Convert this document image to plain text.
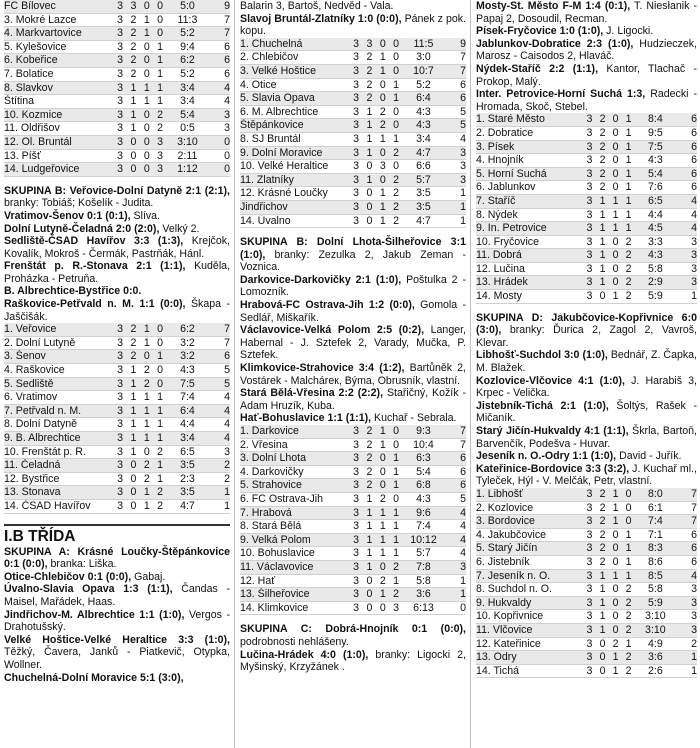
FC Bílovec	3	3	0	0	5:0	9
3. Mokré Lazce	3	2	1	0	11:3	7
4. Markvartovice	3	2	1	0	5:2	7
5. Kylešovice	3	2	0	1	9:4	6
6. Kobeřice	3	2	0	1	6:2	6
7. Bolatice	3	2	0	1	5:2	6
8. Slavkov	3	1	1	1	3:4	4
Štítina	3	1	1	1	3:4	4
10. Kozmice	3	1	0	2	5:4	3
11. Oldřišov	3	1	0	2	0:5	3
12. Ol. Bruntál	3	0	0	3	3:10	0
13. Píšť	3	0	0	3	2:11	0
14. Ludgeřovice	3	0	0	3	1:12	0

SKUPINA B: Veřovice-Dolní Datyně 2:1 (2:1), branky: Tobiáš; Košelík - Judita.

Vratimov-Šenov 0:1 (0:1), Slíva.

Dolní Lutyně-Čeladná 2:0 (2:0), Velký 2.

Sedliště-ČSAD Havířov 3:3 (1:3), Krejčok, Kovalík, Mokroš - Čermák, Pastrňák, Hánl.

Frenštát p. R.-Stonava 2:1 (1:1), Kuděla, Proházka - Petruňa.

B. Albrechtice-Bystřice 0:0.

Raškovice-Petřvald n. M. 1:1 (0:0), Škapa - Jaščišák.

1. Veřovice	3	2	1	0	6:2	7
2. Dolní Lutyně	3	2	1	0	3:2	7
3. Šenov	3	2	0	1	3:2	6
4. Raškovice	3	1	2	0	4:3	5
5. Sedliště	3	1	2	0	7:5	5
6. Vratimov	3	1	1	1	7:4	4
7. Petřvald n. M.	3	1	1	1	6:4	4
8. Dolní Datyně	3	1	1	1	4:4	4
9. B. Albrechtice	3	1	1	1	3:4	4
10. Frenštát p. R.	3	1	0	2	6:5	3
11. Čeladná	3	0	2	1	3:5	2
12. Bystřice	3	0	2	1	2:3	2
13. Stonava	3	0	1	2	3:5	1
14. ČSAD Havířov	3	0	1	2	4:7	1
I.B TŘÍDA

SKUPINA A: Krásné Loučky-Štěpánkovice 0:1 (0:0), branka: Liška.

Otice-Chlebičov 0:1 (0:0), Gabaj.

Úvalno-Slavia Opava 1:3 (1:1), Čandas - Maisel, Mařádek, Haas.

Jindřichov-M. Albrechtice 1:1 (1:0), Vergos - Drahotušský.

Velké Hoštice-Velké Heraltice 3:3 (1:0), Těžký, Čavera, Janků - Piatkevič, Otypka, Wollner.

Chuchelná-Dolní Moravice 5:1 (3:0),

Balarin 3, Bartoš, Nedvěd - Vala.

Slavoj Bruntál-Zlatníky 1:0 (0:0), Pánek z pok. kopu.

1. Chuchelná	3	3	0	0	11:5	9
2. Chlebičov	3	2	1	0	3:0	7
3. Velké Hoštice	3	2	1	0	10:7	7
4. Otice	3	2	0	1	5:2	6
5. Slavia Opava	3	2	0	1	6:4	6
6. M. Albrechtice	3	1	2	0	4:3	5
Štěpánkovice	3	1	2	0	4:3	5
8. SJ Bruntál	3	1	1	1	3:4	4
9. Dolní Moravice	3	1	0	2	4:7	3
10. Velké Heraltice	3	0	3	0	6:6	3
11. Zlatníky	3	1	0	2	5:7	3
12. Krásné Loučky	3	0	1	2	3:5	1
Jindřichov	3	0	1	2	3:5	1
14. Úvalno	3	0	1	2	4:7	1

SKUPINA B: Dolní Lhota-Šilheřovice 3:1 (1:0), branky: Zezulka 2, Jakub Zeman - Voznica.

Darkovice-Darkovičky 2:1 (1:0), Poštulka 2 - Lomozník.

Hrabová-FC Ostrava-Jih 1:2 (0:0), Gomola - Sedlář, Miškařík.

Václavovice-Velká Polom 2:5 (0:2), Langer, Habernal - J. Sztefek 2, Varady, Mučka, P. Sztefek.

Klimkovice-Strahovice 3:4 (1:2), Bartůněk 2, Vostárek - Malcháreк, Býma, Obrusník, vlastní.

Stará Bělá-Vřesina 2:2 (2:2), Stařičný, Kožík - Adam Hruzík, Kuba.

Hať-Bohuslavice 1:1 (1:1), Kuchař - Sebrala.

1. Darkovice	3	2	1	0	9:3	7
2. Vřesina	3	2	1	0	10:4	7
3. Dolní Lhota	3	2	0	1	6:3	6
4. Darkovičky	3	2	0	1	5:4	6
5. Strahovice	3	2	0	1	6:8	6
6. FC Ostrava-Jih	3	1	2	0	4:3	5
7. Hrabová	3	1	1	1	9:6	4
8. Stará Bělá	3	1	1	1	7:4	4
9. Velká Polom	3	1	1	1	10:12	4
10. Bohuslavice	3	1	1	1	5:7	4
11. Václavovice	3	1	0	2	7:8	3
12. Hať	3	0	2	1	5:8	1
13. Šilheřovice	3	0	1	2	3:6	1
14. Klimkovice	3	0	0	3	6:13	0

SKUPINA C: Dobrá-Hnojník 0:1 (0:0), podrobnosti nehlášeny.

Lučina-Hrádek 4:0 (1:0), branky: Ligocki 2, Myšinský, Krzyžánek .

Mosty-St. Město F-M 1:4 (0:1), T. Niesłanik - Papaj 2, Dosoudil, Recman.

Písek-Fryčovice 1:0 (1:0), J. Ligocki.

Jablunkov-Dobratice 2:3 (1:0), Hudzieczek, Marosz - Caisodos 2, Hlaváč.

Nýdek-Staříč 2:2 (1:1), Kantor, Tlachač - Prokop, Malý.

Inter. Petrovice-Horní Suchá 1:3, Radecki - Hromada, Skoč, Stebel.

1. Staré Město	3	2	0	1	8:4	6
2. Dobratice	3	2	0	1	9:5	6
3. Písek	3	2	0	1	7:5	6
4. Hnojník	3	2	0	1	4:3	6
5. Horní Suchá	3	2	0	1	5:4	6
6. Jablunkov	3	2	0	1	7:6	6
7. Staříč	3	1	1	1	6:5	4
8. Nýdek	3	1	1	1	4:4	4
9. In. Petrovice	3	1	1	1	4:5	4
10. Fryčovice	3	1	0	2	3:3	3
11. Dobrá	3	1	0	2	4:3	3
12. Lučina	3	1	0	2	5:8	3
13. Hrádek	3	1	0	2	2:9	3
14. Mosty	3	0	1	2	5:9	1

SKUPINA D: Jakubčovice-Kopřivnice 6:0 (3:0), branky: Ďurica 2, Zagol 2, Vavroš, Klevar.

Libhošť-Suchdol 3:0 (1:0), Bednář, Z. Čapka, M. Blažek.

Kozlovice-Vlčovice 4:1 (1:0), J. Harabiš 3, Krpec - Velička.

Jistebník-Tichá 2:1 (1:0), Šoltýs, Rašek - Mičaník.

Starý Jičín-Hukvaldy 4:1 (1:1), Škrla, Bartoň, Barvenčík, Podešva - Huvar.

Jeseník n. O.-Odry 1:1 (1:0), David - Juřík.

Kateřinice-Bordovice 3:3 (3:2), J. Kuchař ml., Tyleček, Hýl - V. Melčák, Petr, vlastní.

1. Libhošť	3	2	1	0	8:0	7
2. Kozlovice	3	2	1	0	6:1	7
3. Bordovice	3	2	1	0	7:4	7
4. Jakubčovice	3	2	0	1	7:1	6
5. Starý Jičín	3	2	0	1	8:3	6
6. Jistebník	3	2	0	1	8:6	6
7. Jeseník n. O.	3	1	1	1	8:5	4
8. Suchdol n. O.	3	1	0	2	5:8	3
9. Hukvaldy	3	1	0	2	5:9	3
10. Kopřivnice	3	1	0	2	3:10	3
11. Vlčovice	3	1	0	2	3:10	3
12. Kateřinice	3	0	2	1	4:9	2
13. Odry	3	0	1	2	3:6	1
14. Tichá	3	0	1	2	2:6	1
